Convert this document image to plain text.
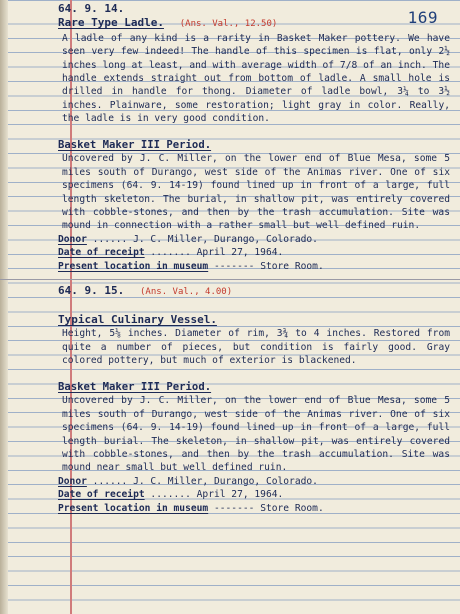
169
64. 9. 14.
Rare Type Ladle. (Ans. Val., 12.50)
A ladle of any kind is a rarity in Basket Maker pottery. We have seen very few indeed! The handle of this specimen is flat, only 2½ inches long at least, and with average width of 7/8 of an inch. The handle extends straight out from bottom of ladle. A small hole is drilled in handle for thong. Diameter of ladle bowl, 3¼ to 3½ inches. Plainware, some restoration; light gray in color. Really, the ladle is in very good condition.
Basket Maker III Period.
Uncovered by J. C. Miller, on the lower end of Blue Mesa, some 5 miles south of Durango, west side of the Animas river. One of six specimens (64. 9. 14-19) found lined up in front of a large, full length skeleton. The burial, in shallow pit, was entirely covered with cobble-stones, and then by the trash accumulation. Site was mound in connection with a rather small but well defined ruin.
Donor ...... J. C. Miller, Durango, Colorado.
Date of receipt ....... April 27, 1964.
Present location in museum ------- Store Room.
64. 9. 15. (Ans. Val., 4.00)
Typical Culinary Vessel.
Height, 5⅛ inches. Diameter of rim, 3¾ to 4 inches. Restored from quite a number of pieces, but condition is fairly good. Gray colored pottery, but much of exterior is blackened.
Basket Maker III Period.
Uncovered by J. C. Miller, on the lower end of Blue Mesa, some 5 miles south of Durango, west side of the Animas river. One of six specimens (64. 9. 14-19) found lined up in front of a large, full length burial. The skeleton, in shallow pit, was entirely covered with cobble-stones, and then by the trash accumulation. Site was mound near small but well defined ruin.
Donor ...... J. C. Miller, Durango, Colorado.
Date of receipt ....... April 27, 1964.
Present location in museum ------- Store Room.
